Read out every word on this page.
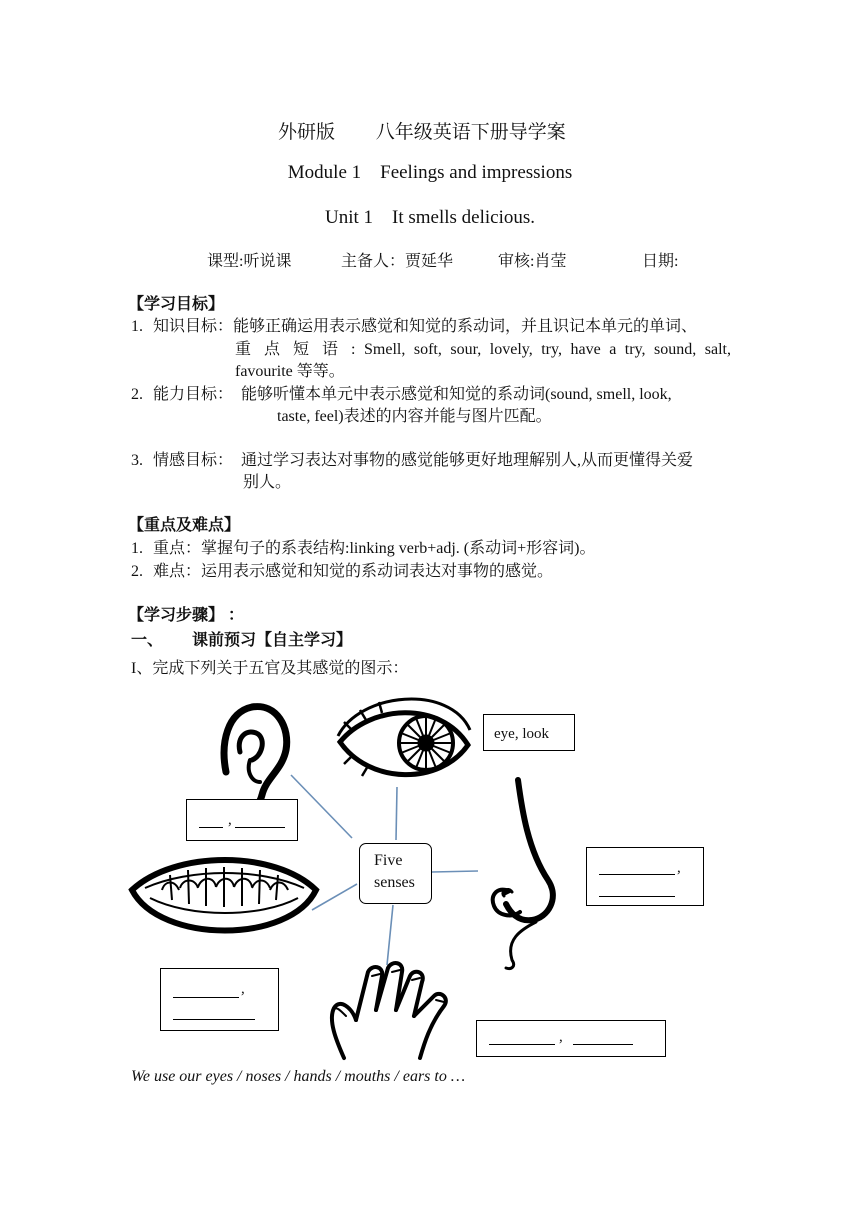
外研版 八年级英语下册导学案
Module 1    Feelings and impressions
Unit 1    It smells delicious.
课型:听说课	主备人：贾延华	审核:肖莹	日期:
【学习目标】
1. 知识目标：能够正确运用表示感觉和知觉的系动词，并且识记本单元的单词、
重 点 短 语 : Smell, soft, sour, lovely, try, have a try, sound, salt,
favourite 等等。
2. 能力目标：  能够听懂本单元中表示感觉和知觉的系动词(sound, smell, look,
taste, feel)表述的内容并能与图片匹配。
3. 情感目标：  通过学习表达对事物的感觉能够更好地理解别人,从而更懂得关爱
别人。
【重点及难点】
1. 重点：掌握句子的系表结构:linking verb+adj. (系动词+形容词)。
2. 难点：运用表示感觉和知觉的系动词表达对事物的感觉。
【学习步骤】 ：
一、 课前预习【自主学习】
I、完成下列关于五官及其感觉的图示：
Five
senses
eye, look
,
,
,
,
We use our eyes / noses / hands / mouths / ears to …
